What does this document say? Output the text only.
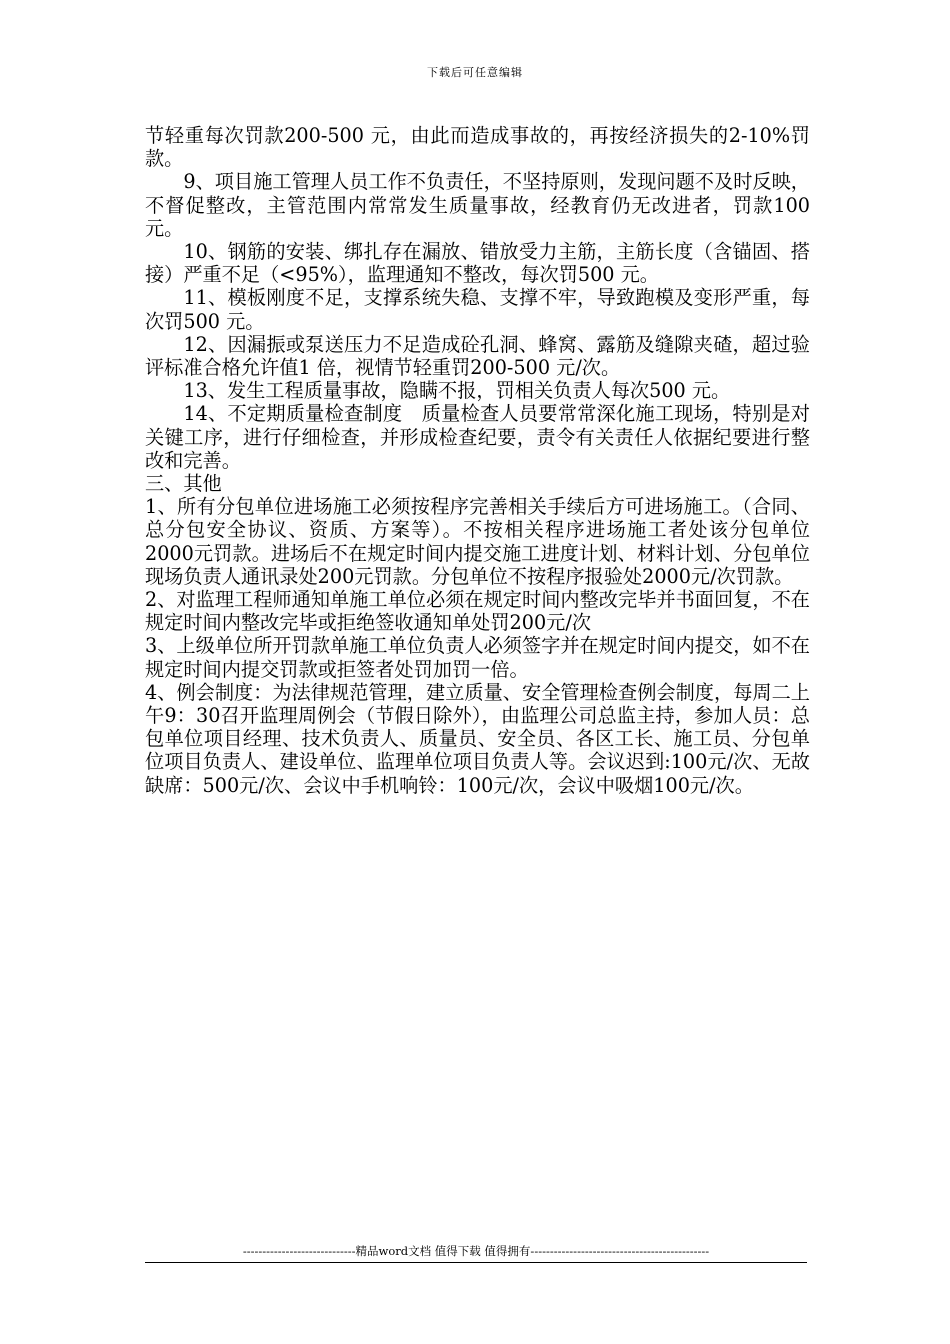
下载后可任意编辑

节轻重每次罚款200-500 元，由此而造成事故的，再按经济损失的2-10%罚款。

9、项目施工管理人员工作不负责任，不坚持原则，发现问题不及时反映，不督促整改，主管范围内常常发生质量事故，经教育仍无改进者，罚款100元。

10、钢筋的安装、绑扎存在漏放、错放受力主筋，主筋长度（含锚固、搭接）严重不足（<95%），监理通知不整改，每次罚500 元。

11、模板刚度不足，支撑系统失稳、支撑不牢，导致跑模及变形严重，每次罚500 元。

12、因漏振或泵送压力不足造成砼孔洞、蜂窝、露筋及缝隙夹碴，超过验评标准合格允许值1 倍，视情节轻重罚200-500 元/次。

13、发生工程质量事故，隐瞒不报，罚相关负责人每次500 元。

14、不定期质量检查制度　质量检查人员要常常深化施工现场，特别是对关键工序，进行仔细检查，并形成检查纪要，责令有关责任人依据纪要进行整改和完善。

三、其他

1、所有分包单位进场施工必须按程序完善相关手续后方可进场施工。（合同、总分包安全协议、资质、方案等）。不按相关程序进场施工者处该分包单位2000元罚款。进场后不在规定时间内提交施工进度计划、材料计划、分包单位现场负责人通讯录处200元罚款。分包单位不按程序报验处2000元/次罚款。

2、对监理工程师通知单施工单位必须在规定时间内整改完毕并书面回复，不在规定时间内整改完毕或拒绝签收通知单处罚200元/次

3、上级单位所开罚款单施工单位负责人必须签字并在规定时间内提交，如不在规定时间内提交罚款或拒签者处罚加罚一倍。

4、例会制度：为法律规范管理，建立质量、安全管理检查例会制度，每周二上午9：30召开监理周例会（节假日除外），由监理公司总监主持，参加人员：总包单位项目经理、技术负责人、质量员、安全员、各区工长、施工员、分包单位项目负责人、建设单位、监理单位项目负责人等。会议迟到:100元/次、无故缺席：500元/次、会议中手机响铃：100元/次，会议中吸烟100元/次。

-----------------------------精品word文档 值得下载 值得拥有----------------------------------------------
